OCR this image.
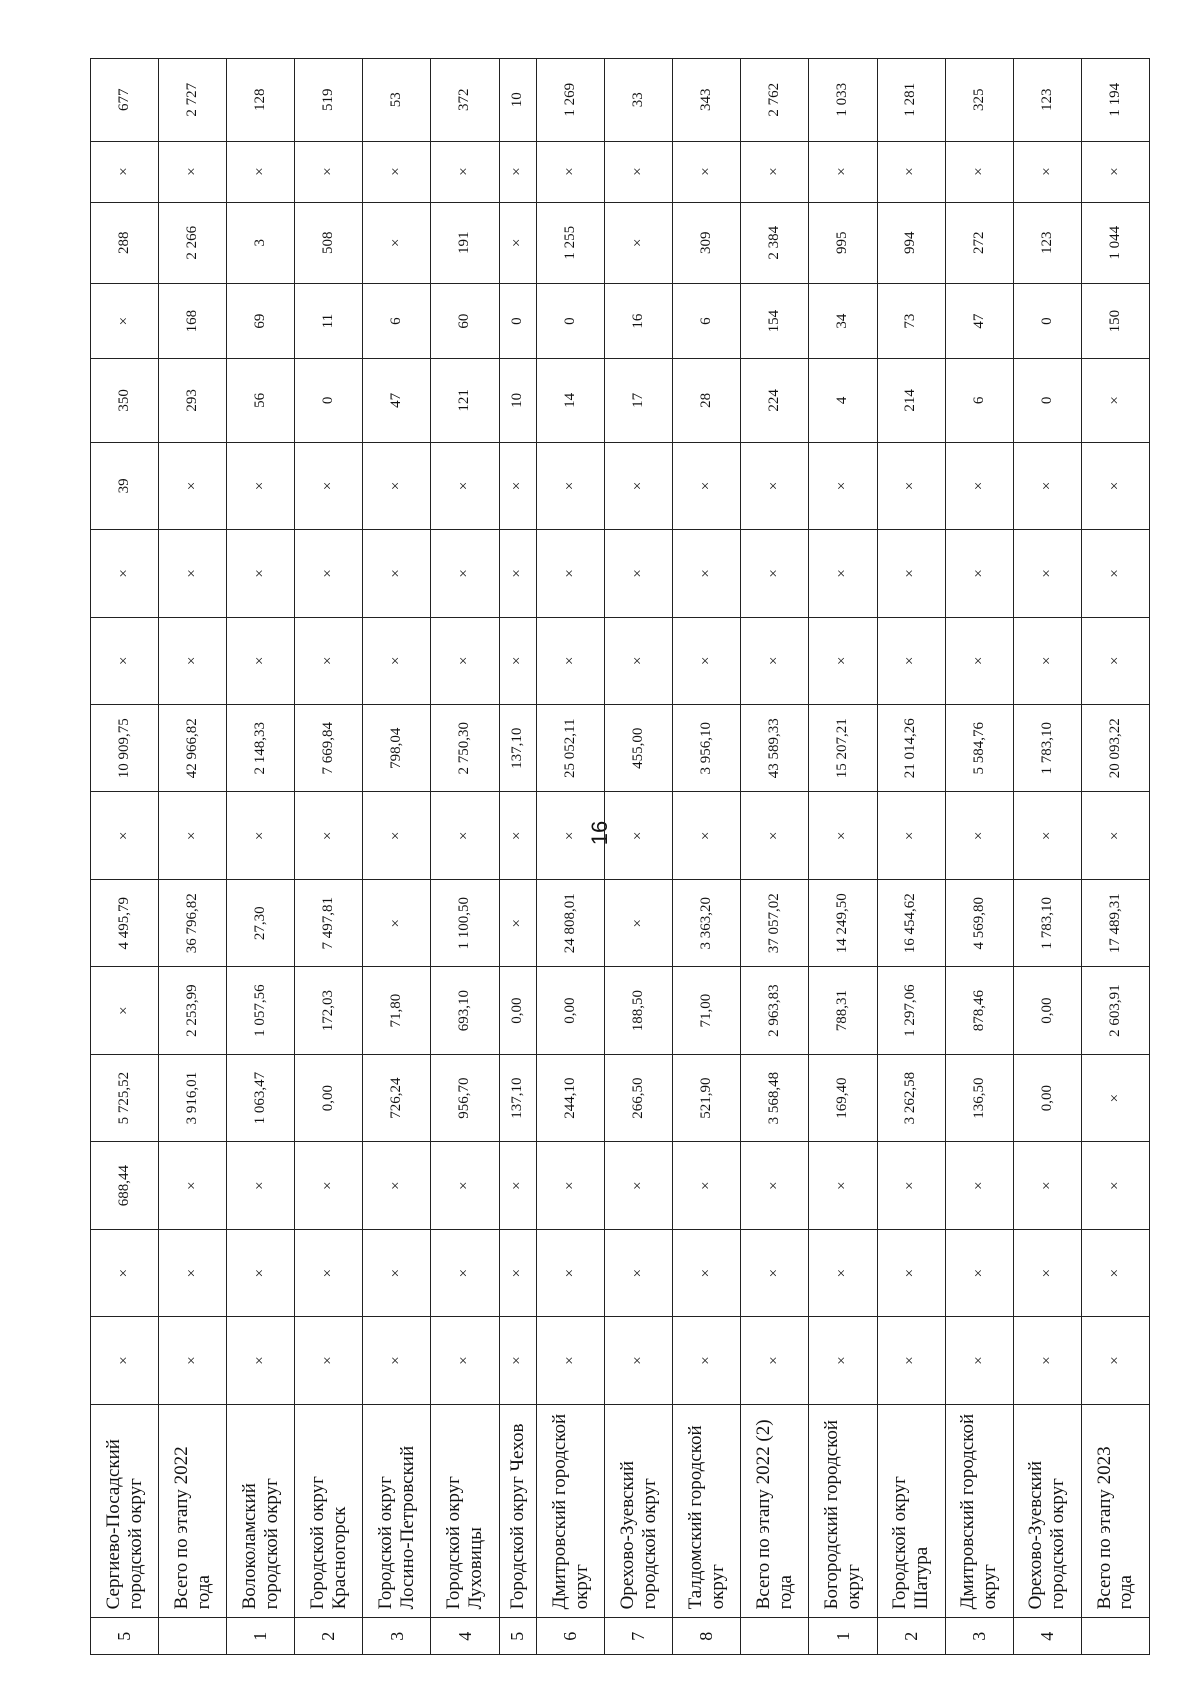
16
5	Сергиево-Посадский городской округ	×	×	688,44	5 725,52	×	4 495,79	×	10 909,75	×	×	39	350	×	288	×	677
	Всего по этапу 2022 года	×	×	×	3 916,01	2 253,99	36 796,82	×	42 966,82	×	×	×	293	168	2 266	×	2 727
1	Волоколамский городской округ	×	×	×	1 063,47	1 057,56	27,30	×	2 148,33	×	×	×	56	69	3	×	128
2	Городской округ Красногорск	×	×	×	0,00	172,03	7 497,81	×	7 669,84	×	×	×	0	11	508	×	519
3	Городской округ Лосино-Петровский	×	×	×	726,24	71,80	×	×	798,04	×	×	×	47	6	×	×	53
4	Городской округ Луховицы	×	×	×	956,70	693,10	1 100,50	×	2 750,30	×	×	×	121	60	191	×	372
5	Городской округ Чехов	×	×	×	137,10	0,00	×	×	137,10	×	×	×	10	0	×	×	10
6	Дмитровский городской округ	×	×	×	244,10	0,00	24 808,01	×	25 052,11	×	×	×	14	0	1 255	×	1 269
7	Орехово-Зуевский городской округ	×	×	×	266,50	188,50	×	×	455,00	×	×	×	17	16	×	×	33
8	Талдомский городской округ	×	×	×	521,90	71,00	3 363,20	×	3 956,10	×	×	×	28	6	309	×	343
	Всего по этапу 2022 (2) года	×	×	×	3 568,48	2 963,83	37 057,02	×	43 589,33	×	×	×	224	154	2 384	×	2 762
1	Богородский городской округ	×	×	×	169,40	788,31	14 249,50	×	15 207,21	×	×	×	4	34	995	×	1 033
2	Городской округ Шатура	×	×	×	3 262,58	1 297,06	16 454,62	×	21 014,26	×	×	×	214	73	994	×	1 281
3	Дмитровский городской округ	×	×	×	136,50	878,46	4 569,80	×	5 584,76	×	×	×	6	47	272	×	325
4	Орехово-Зуевский городской округ	×	×	×	0,00	0,00	1 783,10	×	1 783,10	×	×	×	0	0	123	×	123
	Всего по этапу 2023 года	×	×	×	×	2 603,91	17 489,31	×	20 093,22	×	×	×	×	150	1 044	×	1 194
